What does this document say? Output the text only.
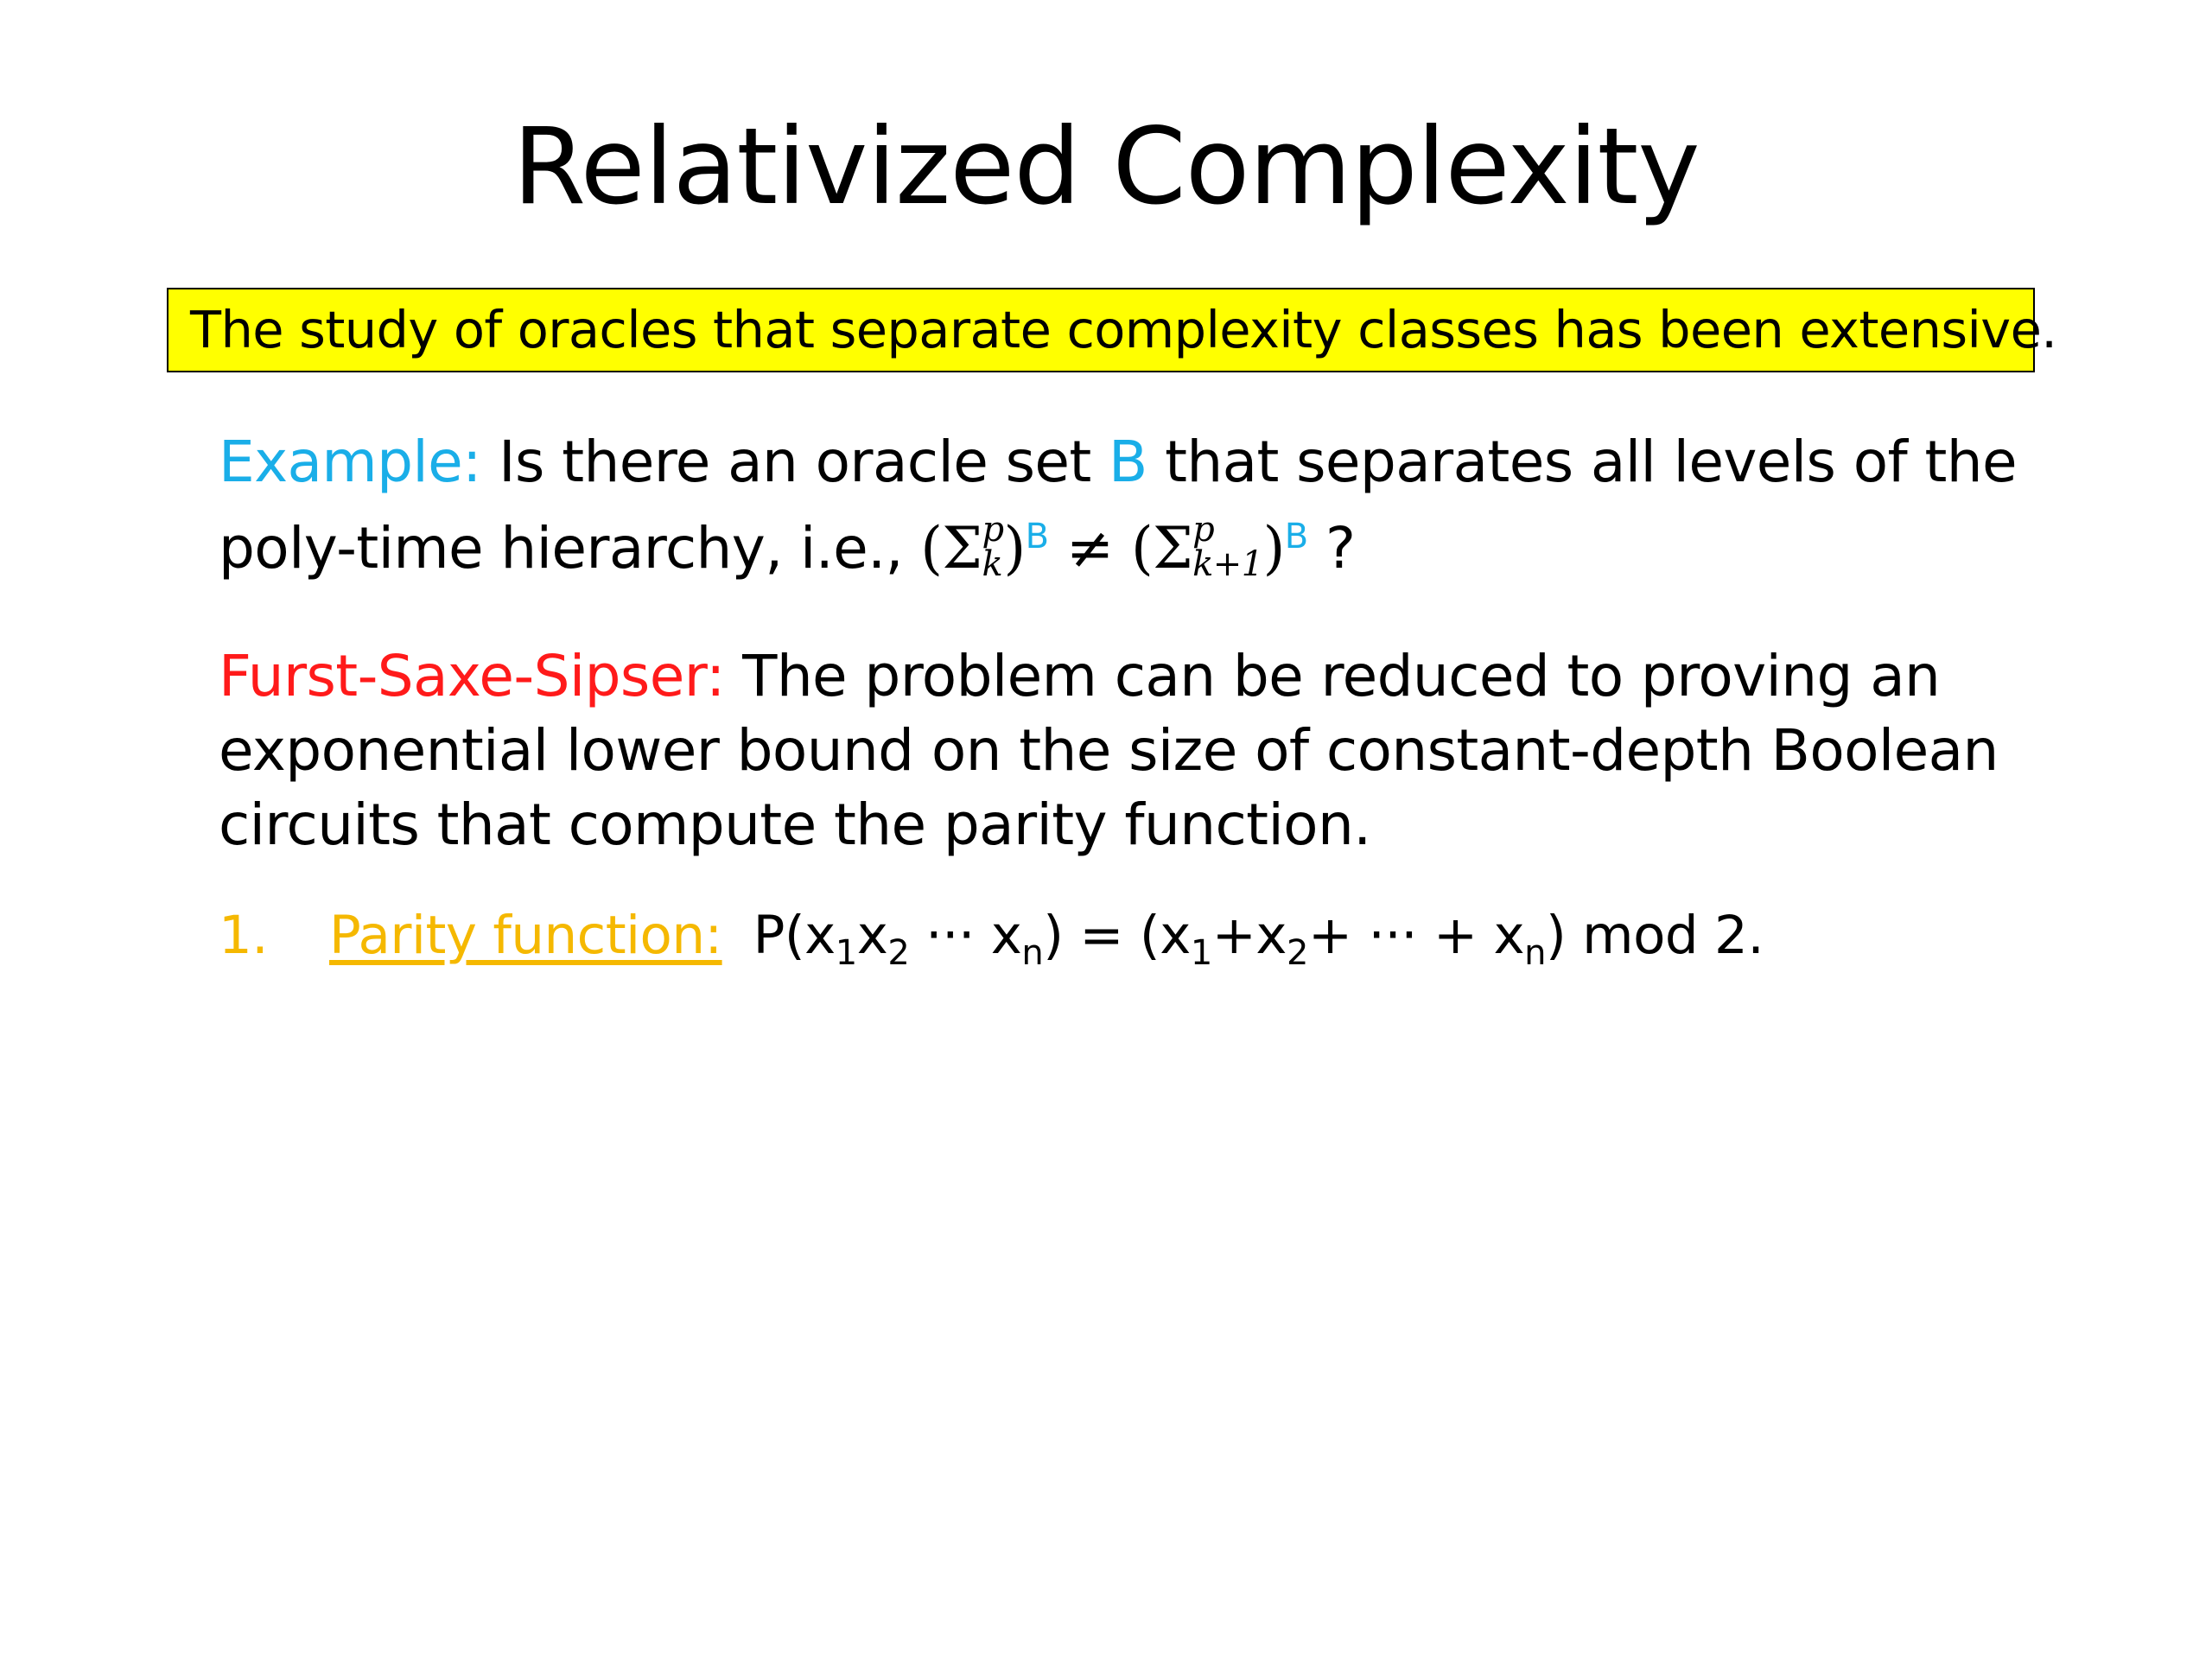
Relativized Complexity
The study of oracles that separate complexity classes has been extensive.
Example: Is there an oracle set B that separates all levels of the poly-time hierarchy, i.e., (Σ p
k )$^B$ ≠ (Σ p
k+1 )$^B$ ?
Furst-Saxe-Sipser: The problem can be reduced to proving an exponential lower bound on the size of constant-depth Boolean circuits that compute the parity function.
1. Parity function: $P(x_1x_2$ ··· $x_n) = (x_1+x_2+$ ··· + $x_n$) mod 2.
